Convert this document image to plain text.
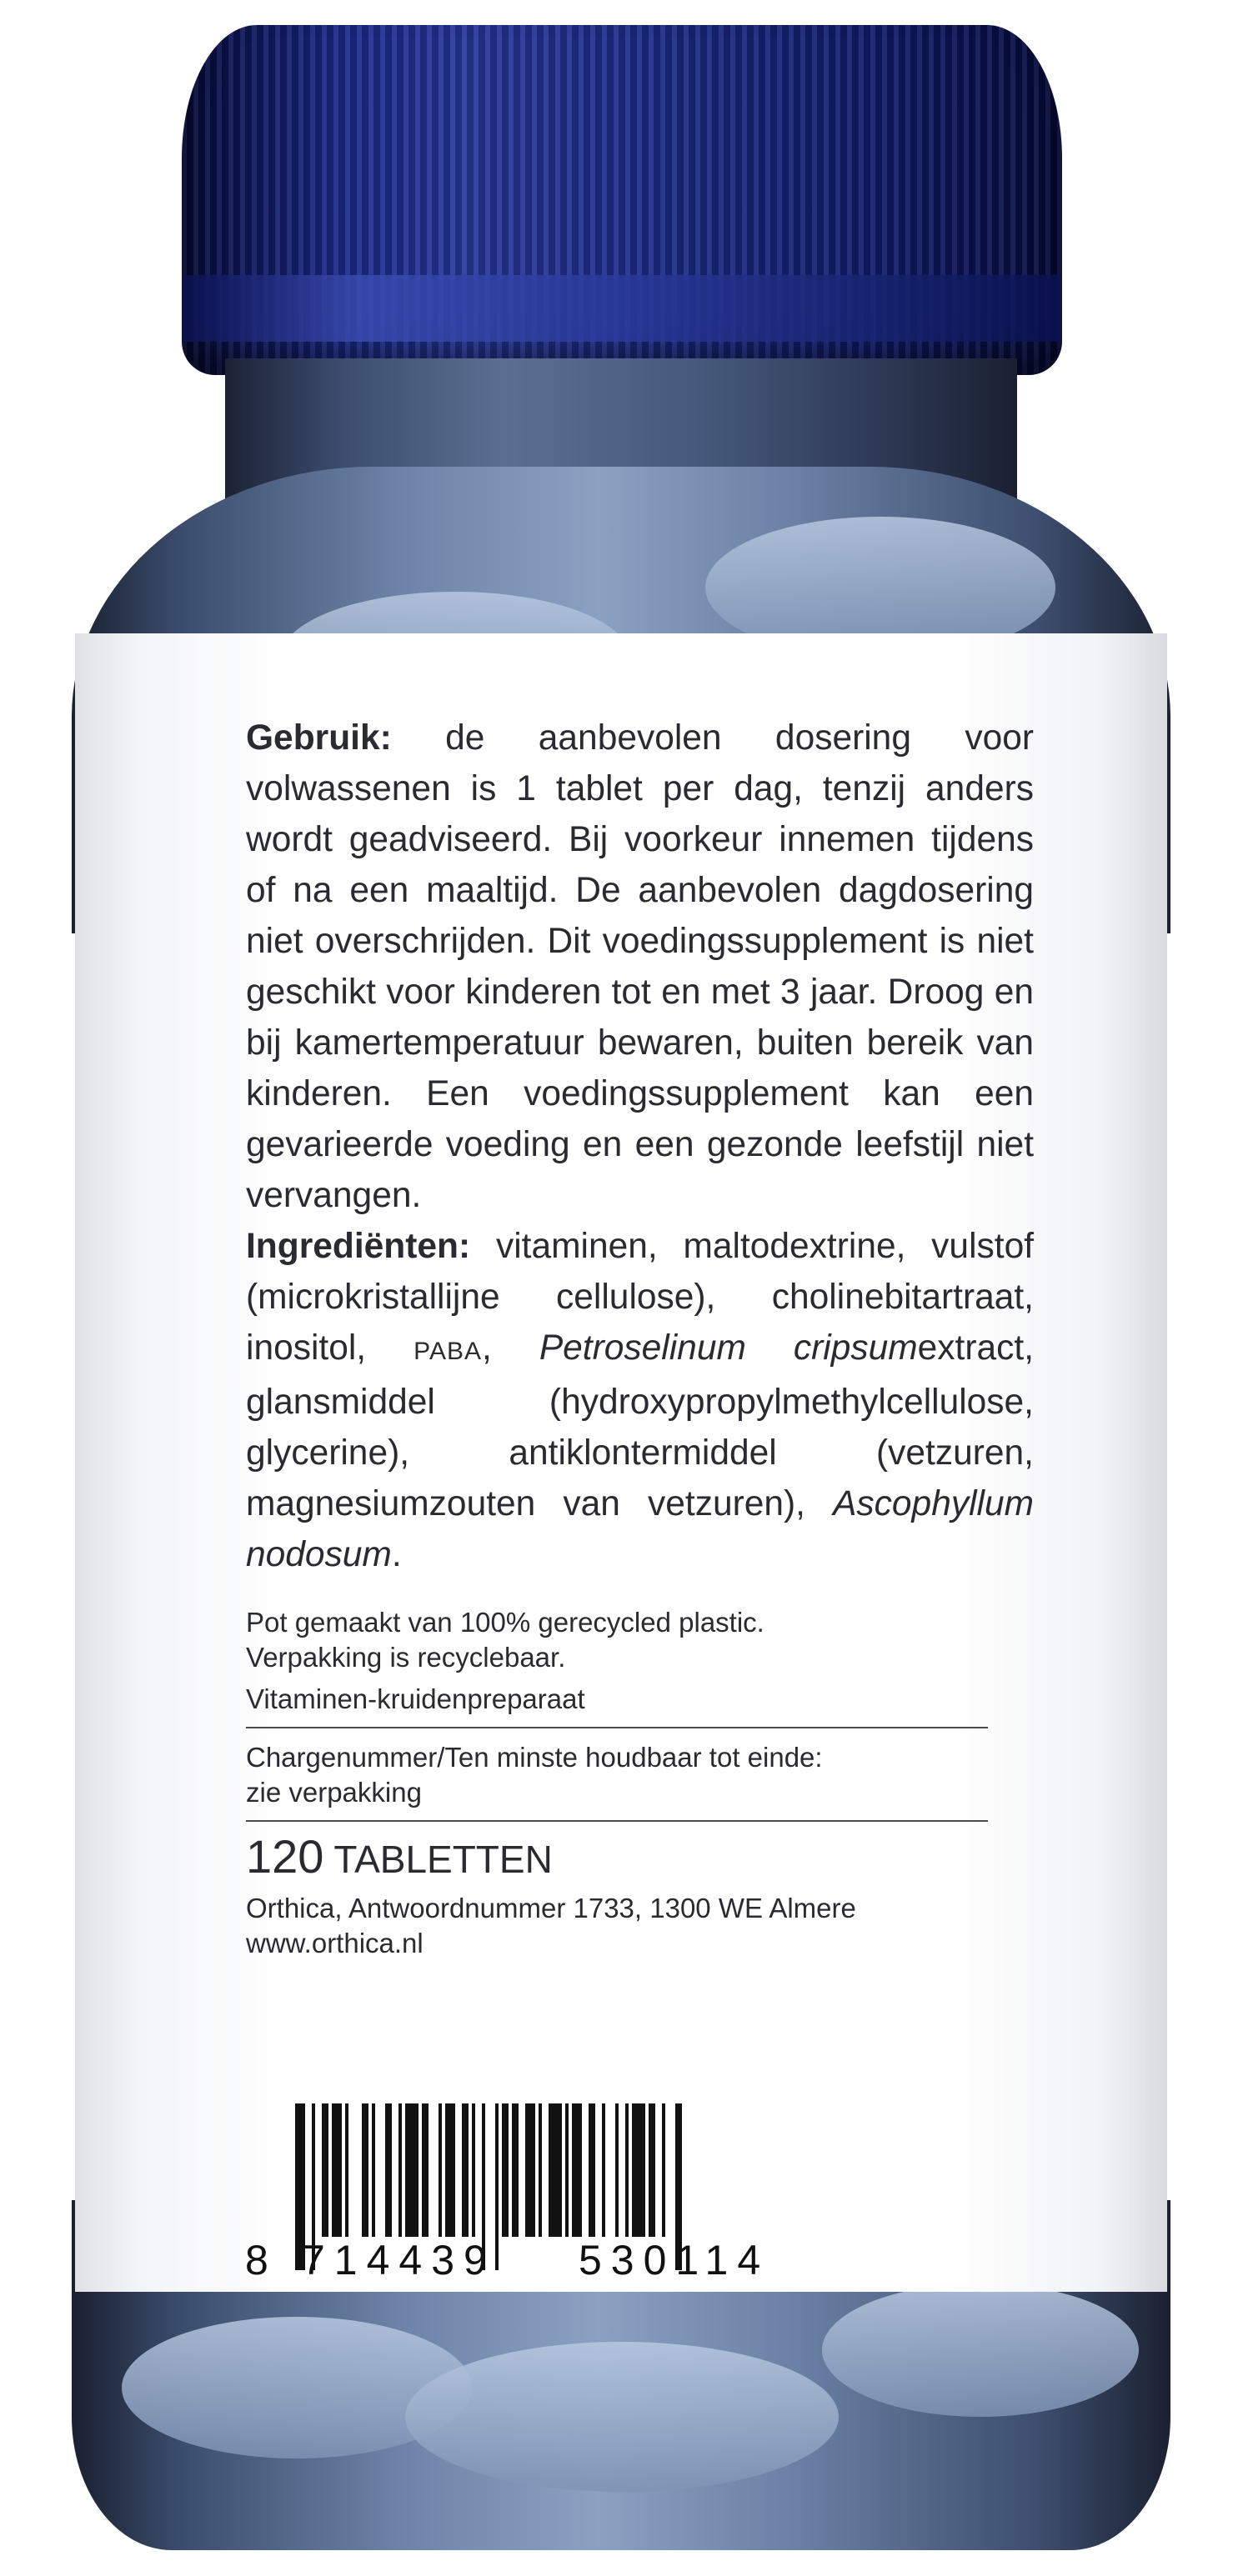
Gebruik: de aanbevolen dosering voor volwassenen is 1 tablet per dag, tenzij anders wordt geadviseerd. Bij voorkeur innemen tijdens of na een maaltijd. De aanbevolen dagdosering niet overschrijden. Dit voedingssupplement is niet geschikt voor kinderen tot en met 3 jaar. Droog en bij kamertemperatuur bewaren, buiten bereik van kinderen. Een voedingssupplement kan een gevarieerde voeding en een gezonde leefstijl niet vervangen.

Ingrediënten: vitaminen, maltodextrine, vulstof (microkristallijne cellulose), cholinebitartraat, inositol, PABA, Petroselinum cripsumextract, glansmiddel (hydroxypropylmethylcellulose, glycerine), antiklontermiddel (vetzuren, magnesiumzouten van vetzuren), Ascophyllum nodosum.

Pot gemaakt van 100% gerecycled plastic.

Verpakking is recyclebaar.

Vitaminen-kruidenpreparaat

Chargenummer/Ten minste houdbaar tot einde:

zie verpakking

120 TABLETTEN

Orthica, Antwoordnummer 1733, 1300 WE Almere

www.orthica.nl

8 714439 530114
